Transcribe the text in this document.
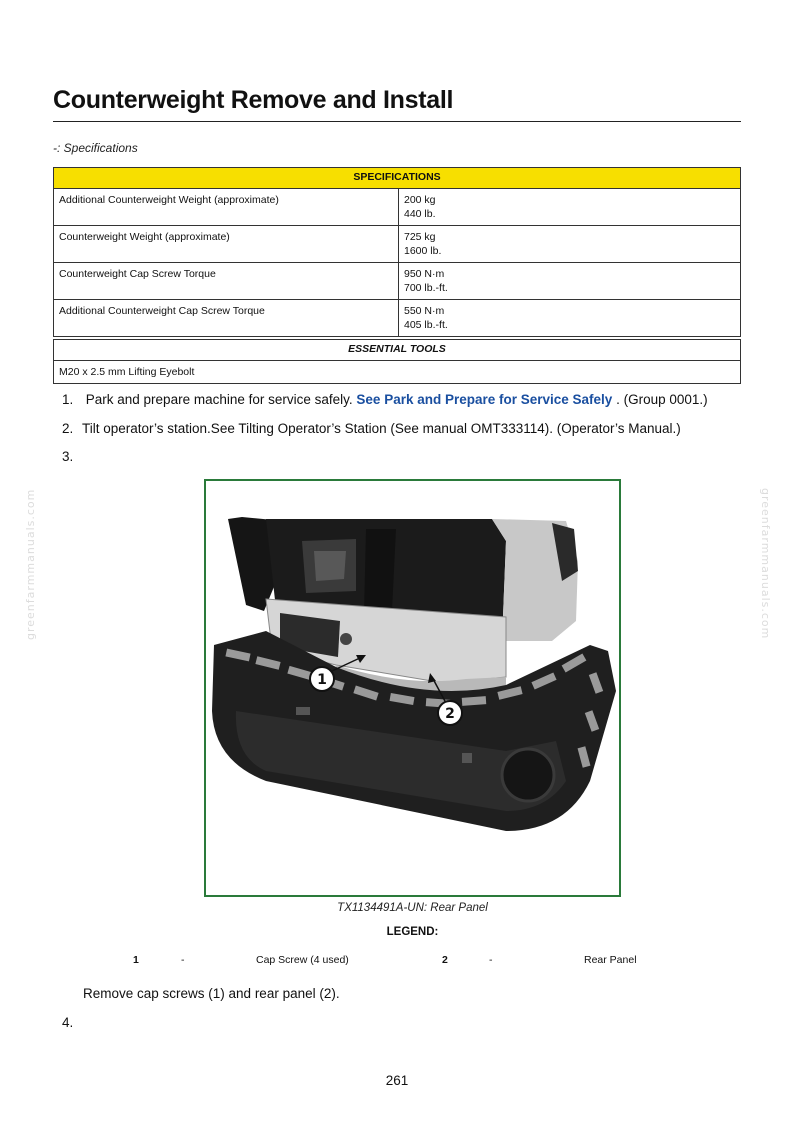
Counterweight Remove and Install
-: Specifications
SPECIFICATIONS	
Additional Counterweight Weight (approximate)	200 kg
440 lb.
Counterweight Weight (approximate)	725 kg
1600 lb.
Counterweight Cap Screw Torque	950 N·m
700 lb.-ft.
Additional Counterweight Cap Screw Torque	550 N·m
405 lb.-ft.
ESSENTIAL TOOLS
M20 x 2.5 mm Lifting Eyebolt
1. Park and prepare machine for service safely. See Park and Prepare for Service Safely . (Group 0001.)
2. Tilt operator’s station.See Tilting Operator’s Station (See manual OMT333114). (Operator’s Manual.)
3.
1
2
TX1134491A-UN: Rear Panel
LEGEND:
1	-	Cap Screw (4 used)	2	-	Rear Panel
Remove cap screws (1) and rear panel (2).
4.
261
greenfarmmanuals.com	greenfarmmanuals.com
